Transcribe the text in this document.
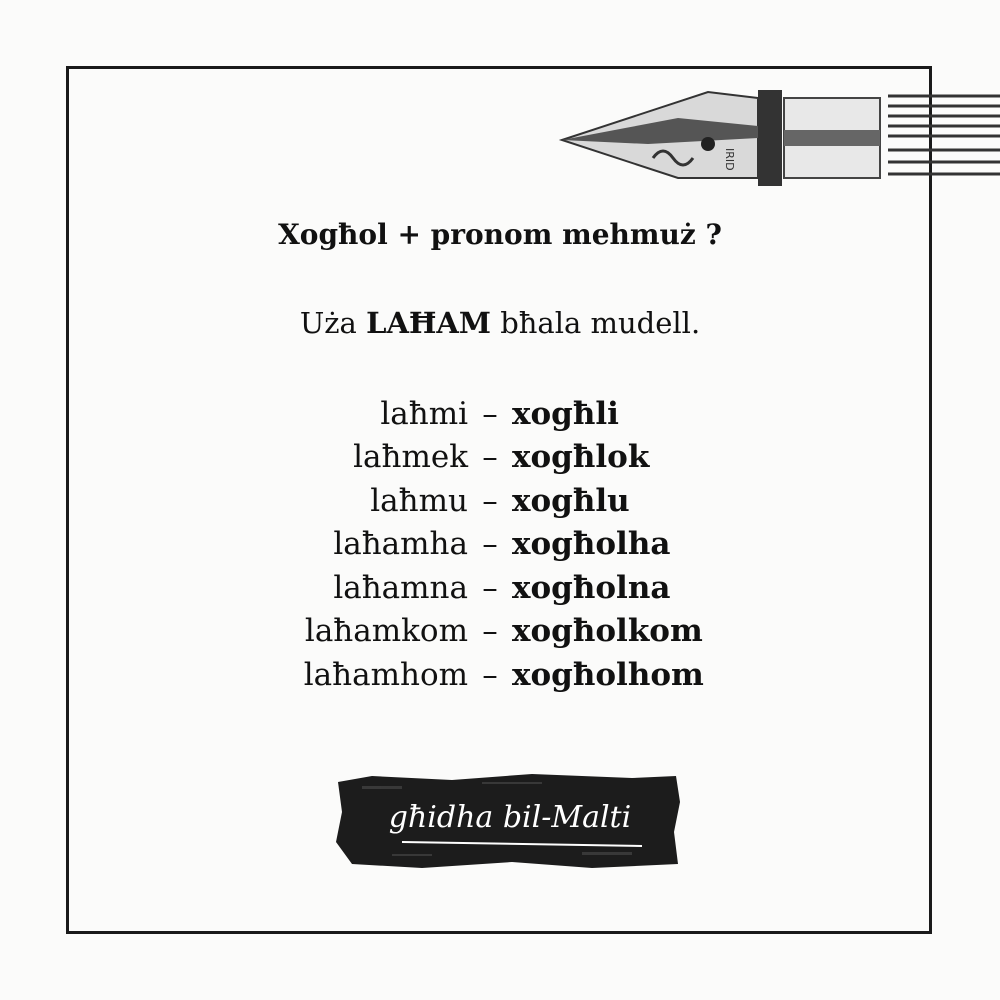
IRID
Xogħol + pronom mehmuż ?
Uża LAĦAM bħala mudell.
laħmi – xogħli
laħmek – xogħlok
laħmu – xogħlu
laħamha – xogħolha
laħamna – xogħolna
laħamkom – xogħolkom
laħamhom – xogħolhom
għidha bil-Malti
